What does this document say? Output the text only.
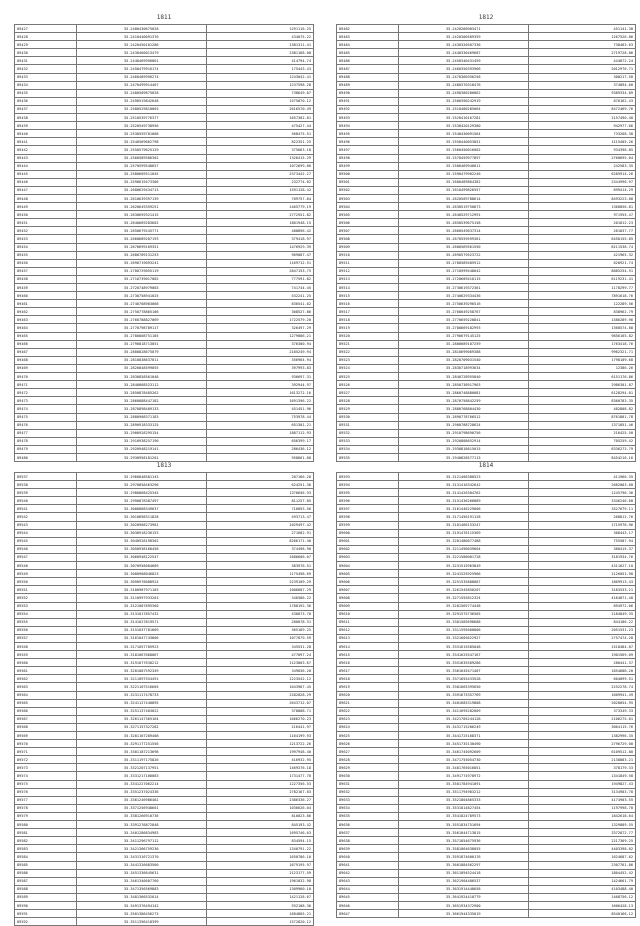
1811
89427	35.2400430675028	1291116.25
89428	35.2410440091376	434075.22
89429	35.2420450101286	1381311.41
89430	35.2430460013479	2381168.08
89431	35.2440469956801	414794.74
89432	35.2450479916174	175443.43
89433	35.2460489956274	1243042.41
89434	35.2470499914407	1237598.20
89435	35.2480509875028	738649.87
89436	35.2490519842648	1575070.12
89437	35.2500529810003	2616570.49
89438	35.2510539776377	1657302.81
89439	35.2520549738956	475427.44
89440	35.2530559701008	568475.51
89441	35.2540569662798	822351.25
89442	35.2550579625129	375663.18
89443	35.2560589586302	1326415.29
89444	35.2570599548657	1072699.80
89445	35.2580609511045	2373442.27
89446	35.2590619473306	232774.82
89447	35.2600629434713	1591128.42
89448	35.2610639397139	709757.84
89449	35.2620649359251	1465779.19
89450	35.2630659321415	2772551.82
89451	35.2640669283602	1801948.15
89452	35.2650679245771	488896.42
89453	35.2660689207193	379418.97
89454	35.2670699169351	1476929.39
89455	35.2680709131253	969087.47
89456	35.2690719093241	1169712.51
89457	35.2700729055119	2847153.75
89458	35.2710739017082	777591.82
89459	35.2720748979083	741744.45
89460	35.2730758941025	532241.25
89461	35.2740768903068	836541.02
89462	35.2750778865106	308527.86
89463	35.2760788827069	1722579.20
89464	35.2770798789117	326497.29
89465	35.2780808751185	1279086.21
89466	35.2790818713051	376300.94
89467	35.2800828675079	2185249.94
89468	35.2810838637011	356964.94
89469	35.2820848599055	397993.83
89470	35.2830858561048	936697.31
89471	35.2840868523112	392944.97
89472	35.2850878485262	1613272.16
89473	35.2860888447182	1691396.22
89474	35.2870898409133	451451.96
89475	35.2880908371183	753978.44
89476	35.2890918333125	651301.21
89477	35.2900928295154	1887112.93
89478	35.2910938257190	656399.17
89479	35.2920948219141	286436.12
89480	35.2930958181201	958661.80

1812
89482	35.2420260903471	451141.38
89483	35.2420300509359	1267526.86
89484	35.2430320507336	738483.63
89485	35.2440330469687	2719728.86
89486	35.2450340431459	444872.24
89487	35.2460350393966	2012976.71
89488	35.2470360356256	308217.58
89489	35.2480370318476	374894.60
89490	35.2490380280862	9389334.89
89491	35.2500390242919	870162.43
89492	35.2510400205064	8472469.76
89493	35.2520410167281	2157490.48
89494	35.2530420129380	942977.66
89495	35.2540430091564	733268.38
89496	35.2550440053851	1115405.26
89497	35.2560450016002	934396.85
89498	35.2570459977897	2760695.04
89499	35.2580469940011	242583.35
89500	35.2590479902246	6285914.26
89501	35.2600489864382	2344996.97
89502	35.2610499826557	899414.29
89503	35.2620509788614	8493223.08
89504	35.2630519750873	1360856.81
89505	35.2640529712991	971955.47
89506	35.2650539675158	201812.23
89507	35.2660549637314	261837.77
89508	35.2670559599361	6450155.85
89509	35.2680569561550	8211538.74
89510	35.2690579523722	421965.32
89511	35.2700589485912	620921.74
89512	35.2710599448042	8885254.51
89513	35.2720609410115	6119231.41
89514	35.2730619372361	1178299.77
89515	35.2740629334436	7891618.76
89516	35.2750639296516	122289.56
89517	35.2760649258767	838962.79
89518	35.2770659220841	1586289.96
89519	35.2780669182993	1368574.88
89520	35.2790679145125	9856165.82
89521	35.2800689107259	1763418.76
89522	35.2810699069388	9962321.71
89523	35.2820709031540	1798109.68
89524	35.2830718993634	12386.26
89525	35.2840728955840	6151176.86
89526	35.2850738917963	2986301.87
89527	35.2860748880081	6128294.01
89528	35.2870758842259	8360783.35
89529	35.2880768804430	482808.82
89530	35.2890778766512	8761881.78
89531	35.2900788728624	1371851.46
89532	35.2910798690756	216425.50
89533	35.2920808652914	705259.42
89534	35.2930818615015	8336273.79
89535	35.2940828577113	8454216.16

1813
89537	35.2960848501143	287166.20
89538	35.2970858463296	624251.36
89539	35.2980868425345	1376656.93
89540	35.2990878387497	811257.85
89541	35.3000888349637	716893.56
89542	35.3010898311828	493713.47
89543	35.3020908273981	1029497.42
89544	35.3030918236153	271682.91
89545	35.3040928198302	8266171.40
89546	35.3050938160458	374498.90
89547	35.3060948122547	1686606.07
89548	35.3070958084689	383976.51
89549	35.3080968046823	1175498.69
89550	35.3090978008924	2239109.29
89551	35.3100987971103	1006687.29
89552	35.3110997933201	346586.22
89553	35.3121007895360	1788192.36
89554	35.3131017857432	436873.70
89555	35.3141027819571	280078.31
89556	35.3151037781669	365169.25
89557	35.3161047743806	1077879.59
89558	35.3171057705923	345531.28
89559	35.3181067668067	477897.24
89560	35.3191077630212	1123803.67
89561	35.3201087592349	349836.20
89562	35.3211097554491	1223542.12
89563	35.3221107516605	1643987.45
89564	35.3231117478733	2282828.29
89565	35.3241127440895	2643712.07
89566	35.3251137403022	378808.71
89567	35.3261147365164	1666270.23
89568	35.3271157327282	216441.97
89569	35.3281167289408	1164199.93
89570	35.3291177251556	1213722.26
89571	35.3301187213698	1997948.40
89572	35.3311197175826	416932.95
89573	35.3321207137951	1469376.18
89574	35.3331217100083	1731477.78
89575	35.3341227062214	1227356.53
89576	35.3351237024336	2782167.83
89577	35.3361246986462	2386336.27
89578	35.3371256948601	1036626.04
89579	35.3381266910736	810023.86
89580	35.3391276872848	845193.42
89581	35.3401286834983	1695746.63
89582	35.3411296797112	834594.15
89583	35.3421306759236	1340791.22
89584	35.3431316721370	1650786.10
89585	35.3441326683500	1679195.97
89586	35.3451336645631	2123177.59
89587	35.3461346607760	1961032.98
89588	35.3471356569883	1309960.10
89589	35.3481366532014	1421128.67
89590	35.3491376494142	932108.36
89591	35.3501386456273	1684865.21
89592	35.3511396418399	1572820.12
1814
89593	35.3121406380523	411966.35
89594	35.3131416342642	2682003.68
89595	35.3141426304762	1245796.36
89596	35.3151436266889	3346246.68
89597	35.3161446229006	3527679.11
89598	35.3171456191128	268812.76
89599	35.3181466153247	1715978.96
89600	35.3191476115369	368443.17
89601	35.3201486077488	755587.94
89602	35.3211496039604	380415.37
89603	35.3221506001728	3181934.76
89604	35.3231515963849	4311627.10
89605	35.3241525925966	2126051.98
89606	35.3251535888087	1869913.43
89607	35.3261545850207	3183533.21
89608	35.3271555812324	4164871.48
89609	35.3281565774448	894972.06
89610	35.3291575736565	2184849.35
89611	35.3301585698688	844186.22
89612	35.3311595660806	2051531.23
89613	35.3321605622927	2757474.28
89614	35.3331615585048	1518484.07
89615	35.3341625547167	1901569.09
89616	35.3351635509286	280441.37
89617	35.3361645471407	1854688.20
89618	35.3371655433528	604899.51
89619	35.3381665395650	2252278.74
89620	35.3391675357769	1609941.49
89621	35.3401685319888	2028054.95
89622	35.3411695282009	373349.33
89623	35.3421705244128	2106275.01
89624	35.3431715206249	3064115.76
89625	35.3441725168371	1382996.35
89626	35.3451735130490	2796729.00
89627	35.3461745092609	6109512.80
89628	35.3471755054730	2138883.21
89629	35.3481765016851	378179.33
89630	35.3491774978972	1341849.58
89631	35.3501784941091	1949827.43
89632	35.3511794903212	3134983.78
89633	35.3521804865333	4174903.55
89634	35.3531814827454	1197998.70
89635	35.3541824789573	1842618.64
89636	35.3551834751694	1329889.55
89637	35.3561844713815	3372872.77
89638	35.3571854675936	2217369.25
89639	35.3581864638055	4403398.02
89640	35.3591874600176	1624687.62
89641	35.3601884562297	2307761.86
89642	35.3611894524418	1804452.42
89643	35.3621904486537	1424661.79
89644	35.3631914448658	4103488.40
89645	35.3641924410779	1468756.12
89646	35.3651934372900	1606428.13
89647	35.3661944335019	8540166.12
